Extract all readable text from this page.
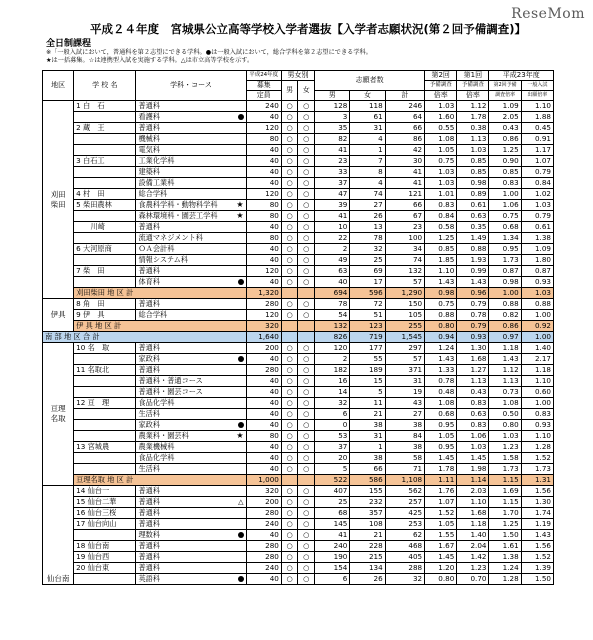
ReseMom
平成２４年度　宮城県公立高等学校入学者選抜【入学者志願状況(第２回予備調査)】
全日制課程
※「一般入試において，普通科を第２志望にできる学科。●は一般入試において，総合学科を第２志望にできる学科。
★は一括募集。☆は連携型入試を実施する学科。△は市立高等学校を示す。
地区	学 校 名	学科・コース	平成24年度	男女別		志願者数			第2回	第1回	平成23年度	
			募集	男	女				予備調査	予備調査	第2回予備	一般入試
			定員			男	女	計	倍率	倍率	調査倍率	出願倍率
刈田
柴田	1 白　石	普通科	240	○	○	128	118	246	1.03	1.12	1.09	1.10
		看護科	40	○	○	3	61	64	1.60	1.78	2.05	1.88
	2 蔵　王	普通科	120	○	○	35	31	66	0.55	0.38	0.43	0.45
		機械科	80	○	○	82	4	86	1.08	1.13	0.86	0.91
		電気科	40	○	○	41	1	42	1.05	1.03	1.25	1.17
	3 白石工	工業化学科	40	○	○	23	7	30	0.75	0.85	0.90	1.07
		建築科	40	○	○	33	8	41	1.03	0.85	0.85	0.79
		設備工業科	40	○	○	37	4	41	1.03	0.98	0.83	0.84
	4 村　田	総合学科	120	○	○	47	74	121	1.01	0.89	1.00	1.02
	5 柴田農林	食農科学科・動物科学科 ★	80	○	○	39	27	66	0.83	0.61	1.06	1.03
		森林環境科・園芸工学科 ★	80	○	○	41	26	67	0.84	0.63	0.75	0.79
	　　川崎	普通科	40	○	○	10	13	23	0.58	0.35	0.68	0.61
		流通マネジメント科	80	○	○	22	78	100	1.25	1.49	1.34	1.38
	6 大河原商	ＯＡ会計科	40	○	○	2	32	34	0.85	0.88	0.95	1.09
		情報システム科	40	○	○	49	25	74	1.85	1.93	1.73	1.80
	7 柴　田	普通科	120	○	○	63	69	132	1.10	0.99	0.87	0.87
		体育科	40	○	○	40	17	57	1.43	1.43	0.98	0.93
	刈田柴田 地 区 計		1,320			694	596	1,290	0.98	0.96	1.00	1.03
伊具	8 角　田	普通科	280	○	○	78	72	150	0.75	0.79	0.88	0.88
	9 伊　具	総合学科	120	○	○	54	51	105	0.88	0.78	0.82	1.00
	伊 具 地 区 計		320			132	123	255	0.80	0.79	0.86	0.92
南 部 地 区 合 計			1,640			826	719	1,545	0.94	0.93	0.97	1.00
亘理
名取	10 名　取	普通科	200	○	○	120	177	297	1.24	1.30	1.18	1.40
		家政科	40	○	○	2	55	57	1.43	1.68	1.43	2.17
	11 名取北	普通科	280	○	○	182	189	371	1.33	1.27	1.12	1.18
		普通科・普通コース	40	○	○	16	15	31	0.78	1.13	1.13	1.10
		普通科・園芸コース	40	○	○	14	5	19	0.48	0.43	0.73	0.60
	12 亘　理	食品化学科	40	○	○	32	11	43	1.08	0.83	1.08	1.00
		生活科	40	○	○	6	21	27	0.68	0.63	0.50	0.83
		家政科	40	○	○	0	38	38	0.95	0.83	0.80	0.93
		農業科・園芸科 ★	80	○	○	53	31	84	1.05	1.06	1.03	1.10
	13 宮城農	農業機械科	40	○	○	37	1	38	0.95	1.03	1.23	1.28
		食品化学科	40	○	○	20	38	58	1.45	1.45	1.58	1.52
		生活科	40	○	○	5	66	71	1.78	1.98	1.73	1.73
	亘理名取 地 区 計		1,000			522	586	1,108	1.11	1.14	1.15	1.31
仙台南	14 仙台一	普通科	320	○	○	407	155	562	1.76	2.03	1.69	1.56
	15 仙台二華	普通科 △	200	○	○	25	232	257	1.07	1.10	1.15	1.30
	16 仙台三桜	普通科	280	○	○	68	357	425	1.52	1.68	1.70	1.74
	17 仙台向山	普通科	240	○	○	145	108	253	1.05	1.18	1.25	1.19
		理数科	40	○	○	41	21	62	1.55	1.40	1.50	1.43
	18 仙台南	普通科	280	○	○	240	228	468	1.67	2.04	1.61	1.56
	19 仙台西	普通科	280	○	○	190	215	405	1.45	1.42	1.38	1.52
	20 仙台東	普通科	240	○	○	154	134	288	1.20	1.23	1.24	1.39
		英語科	40	○	○	6	26	32	0.80	0.70	1.28	1.50
